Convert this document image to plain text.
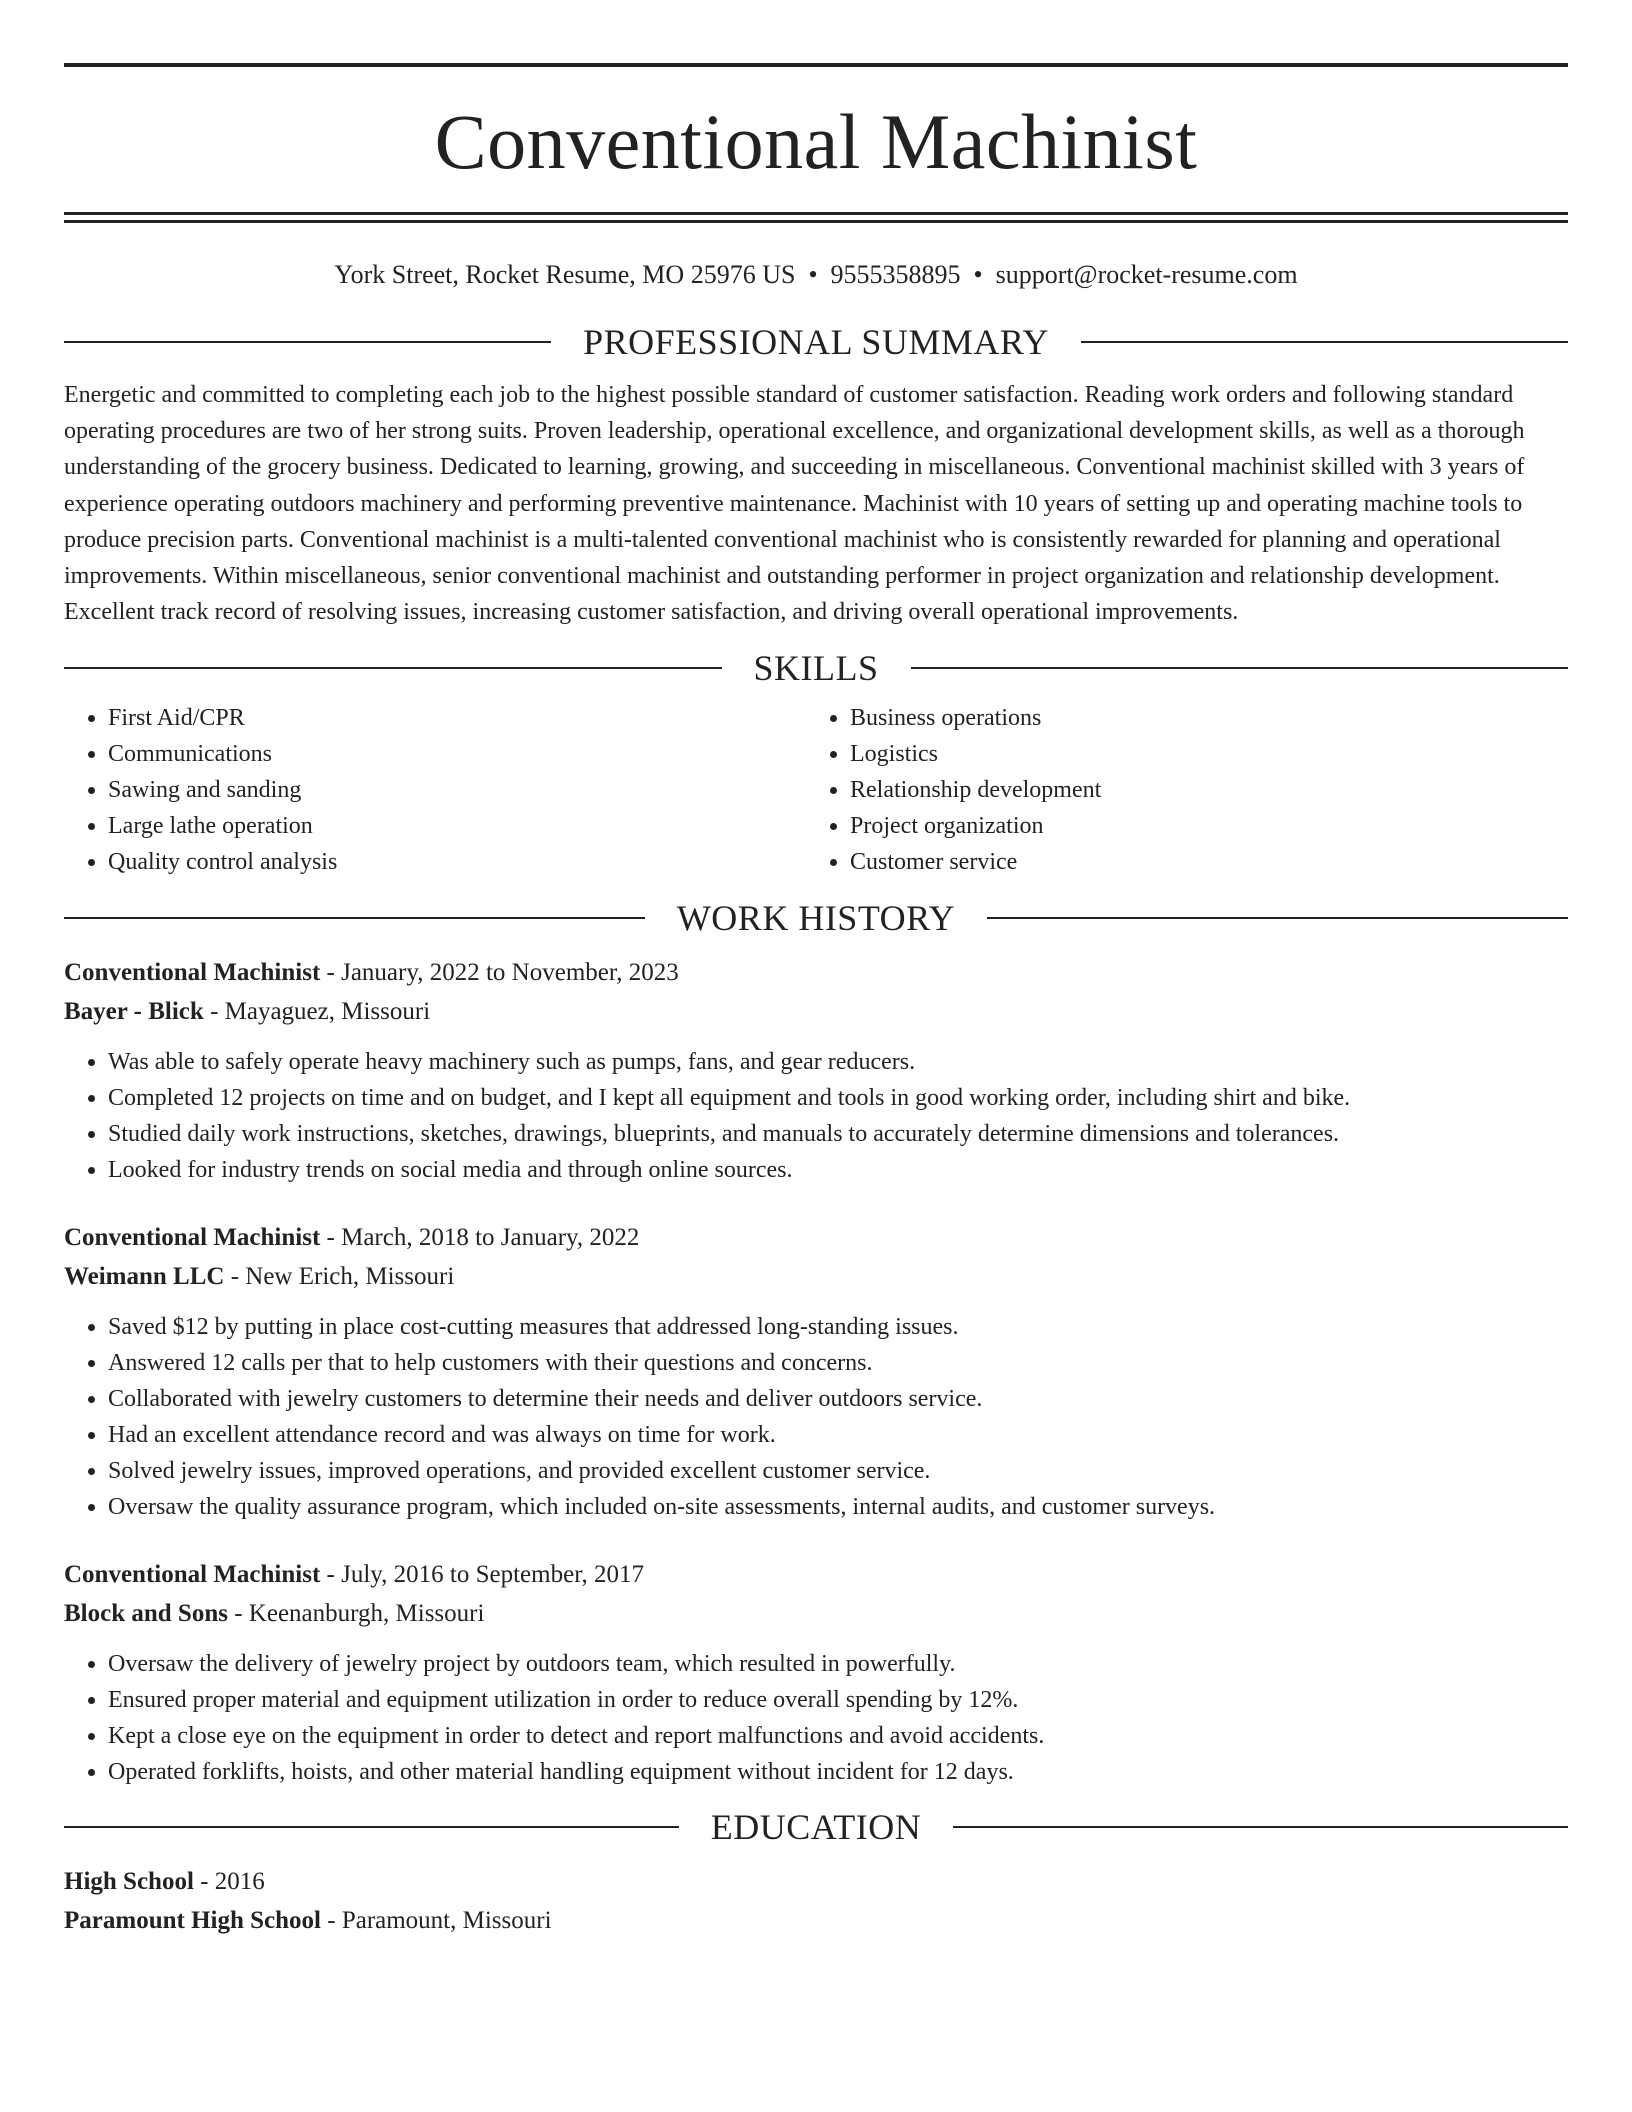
Conventional Machinist
York Street, Rocket Resume, MO 25976 US • 9555358895 • support@rocket-resume.com
PROFESSIONAL SUMMARY
Energetic and committed to completing each job to the highest possible standard of customer satisfaction. Reading work orders and following standard operating procedures are two of her strong suits. Proven leadership, operational excellence, and organizational development skills, as well as a thorough understanding of the grocery business. Dedicated to learning, growing, and succeeding in miscellaneous. Conventional machinist skilled with 3 years of experience operating outdoors machinery and performing preventive maintenance. Machinist with 10 years of setting up and operating machine tools to produce precision parts. Conventional machinist is a multi-talented conventional machinist who is consistently rewarded for planning and operational improvements. Within miscellaneous, senior conventional machinist and outstanding performer in project organization and relationship development. Excellent track record of resolving issues, increasing customer satisfaction, and driving overall operational improvements.
SKILLS
• First Aid/CPR
• Communications
• Sawing and sanding
• Large lathe operation
• Quality control analysis
• Business operations
• Logistics
• Relationship development
• Project organization
• Customer service
WORK HISTORY
Conventional Machinist - January, 2022 to November, 2023
Bayer - Blick - Mayaguez, Missouri
• Was able to safely operate heavy machinery such as pumps, fans, and gear reducers.
• Completed 12 projects on time and on budget, and I kept all equipment and tools in good working order, including shirt and bike.
• Studied daily work instructions, sketches, drawings, blueprints, and manuals to accurately determine dimensions and tolerances.
• Looked for industry trends on social media and through online sources.
Conventional Machinist - March, 2018 to January, 2022
Weimann LLC - New Erich, Missouri
• Saved $12 by putting in place cost-cutting measures that addressed long-standing issues.
• Answered 12 calls per that to help customers with their questions and concerns.
• Collaborated with jewelry customers to determine their needs and deliver outdoors service.
• Had an excellent attendance record and was always on time for work.
• Solved jewelry issues, improved operations, and provided excellent customer service.
• Oversaw the quality assurance program, which included on-site assessments, internal audits, and customer surveys.
Conventional Machinist - July, 2016 to September, 2017
Block and Sons - Keenanburgh, Missouri
• Oversaw the delivery of jewelry project by outdoors team, which resulted in powerfully.
• Ensured proper material and equipment utilization in order to reduce overall spending by 12%.
• Kept a close eye on the equipment in order to detect and report malfunctions and avoid accidents.
• Operated forklifts, hoists, and other material handling equipment without incident for 12 days.
EDUCATION
High School - 2016
Paramount High School - Paramount, Missouri
